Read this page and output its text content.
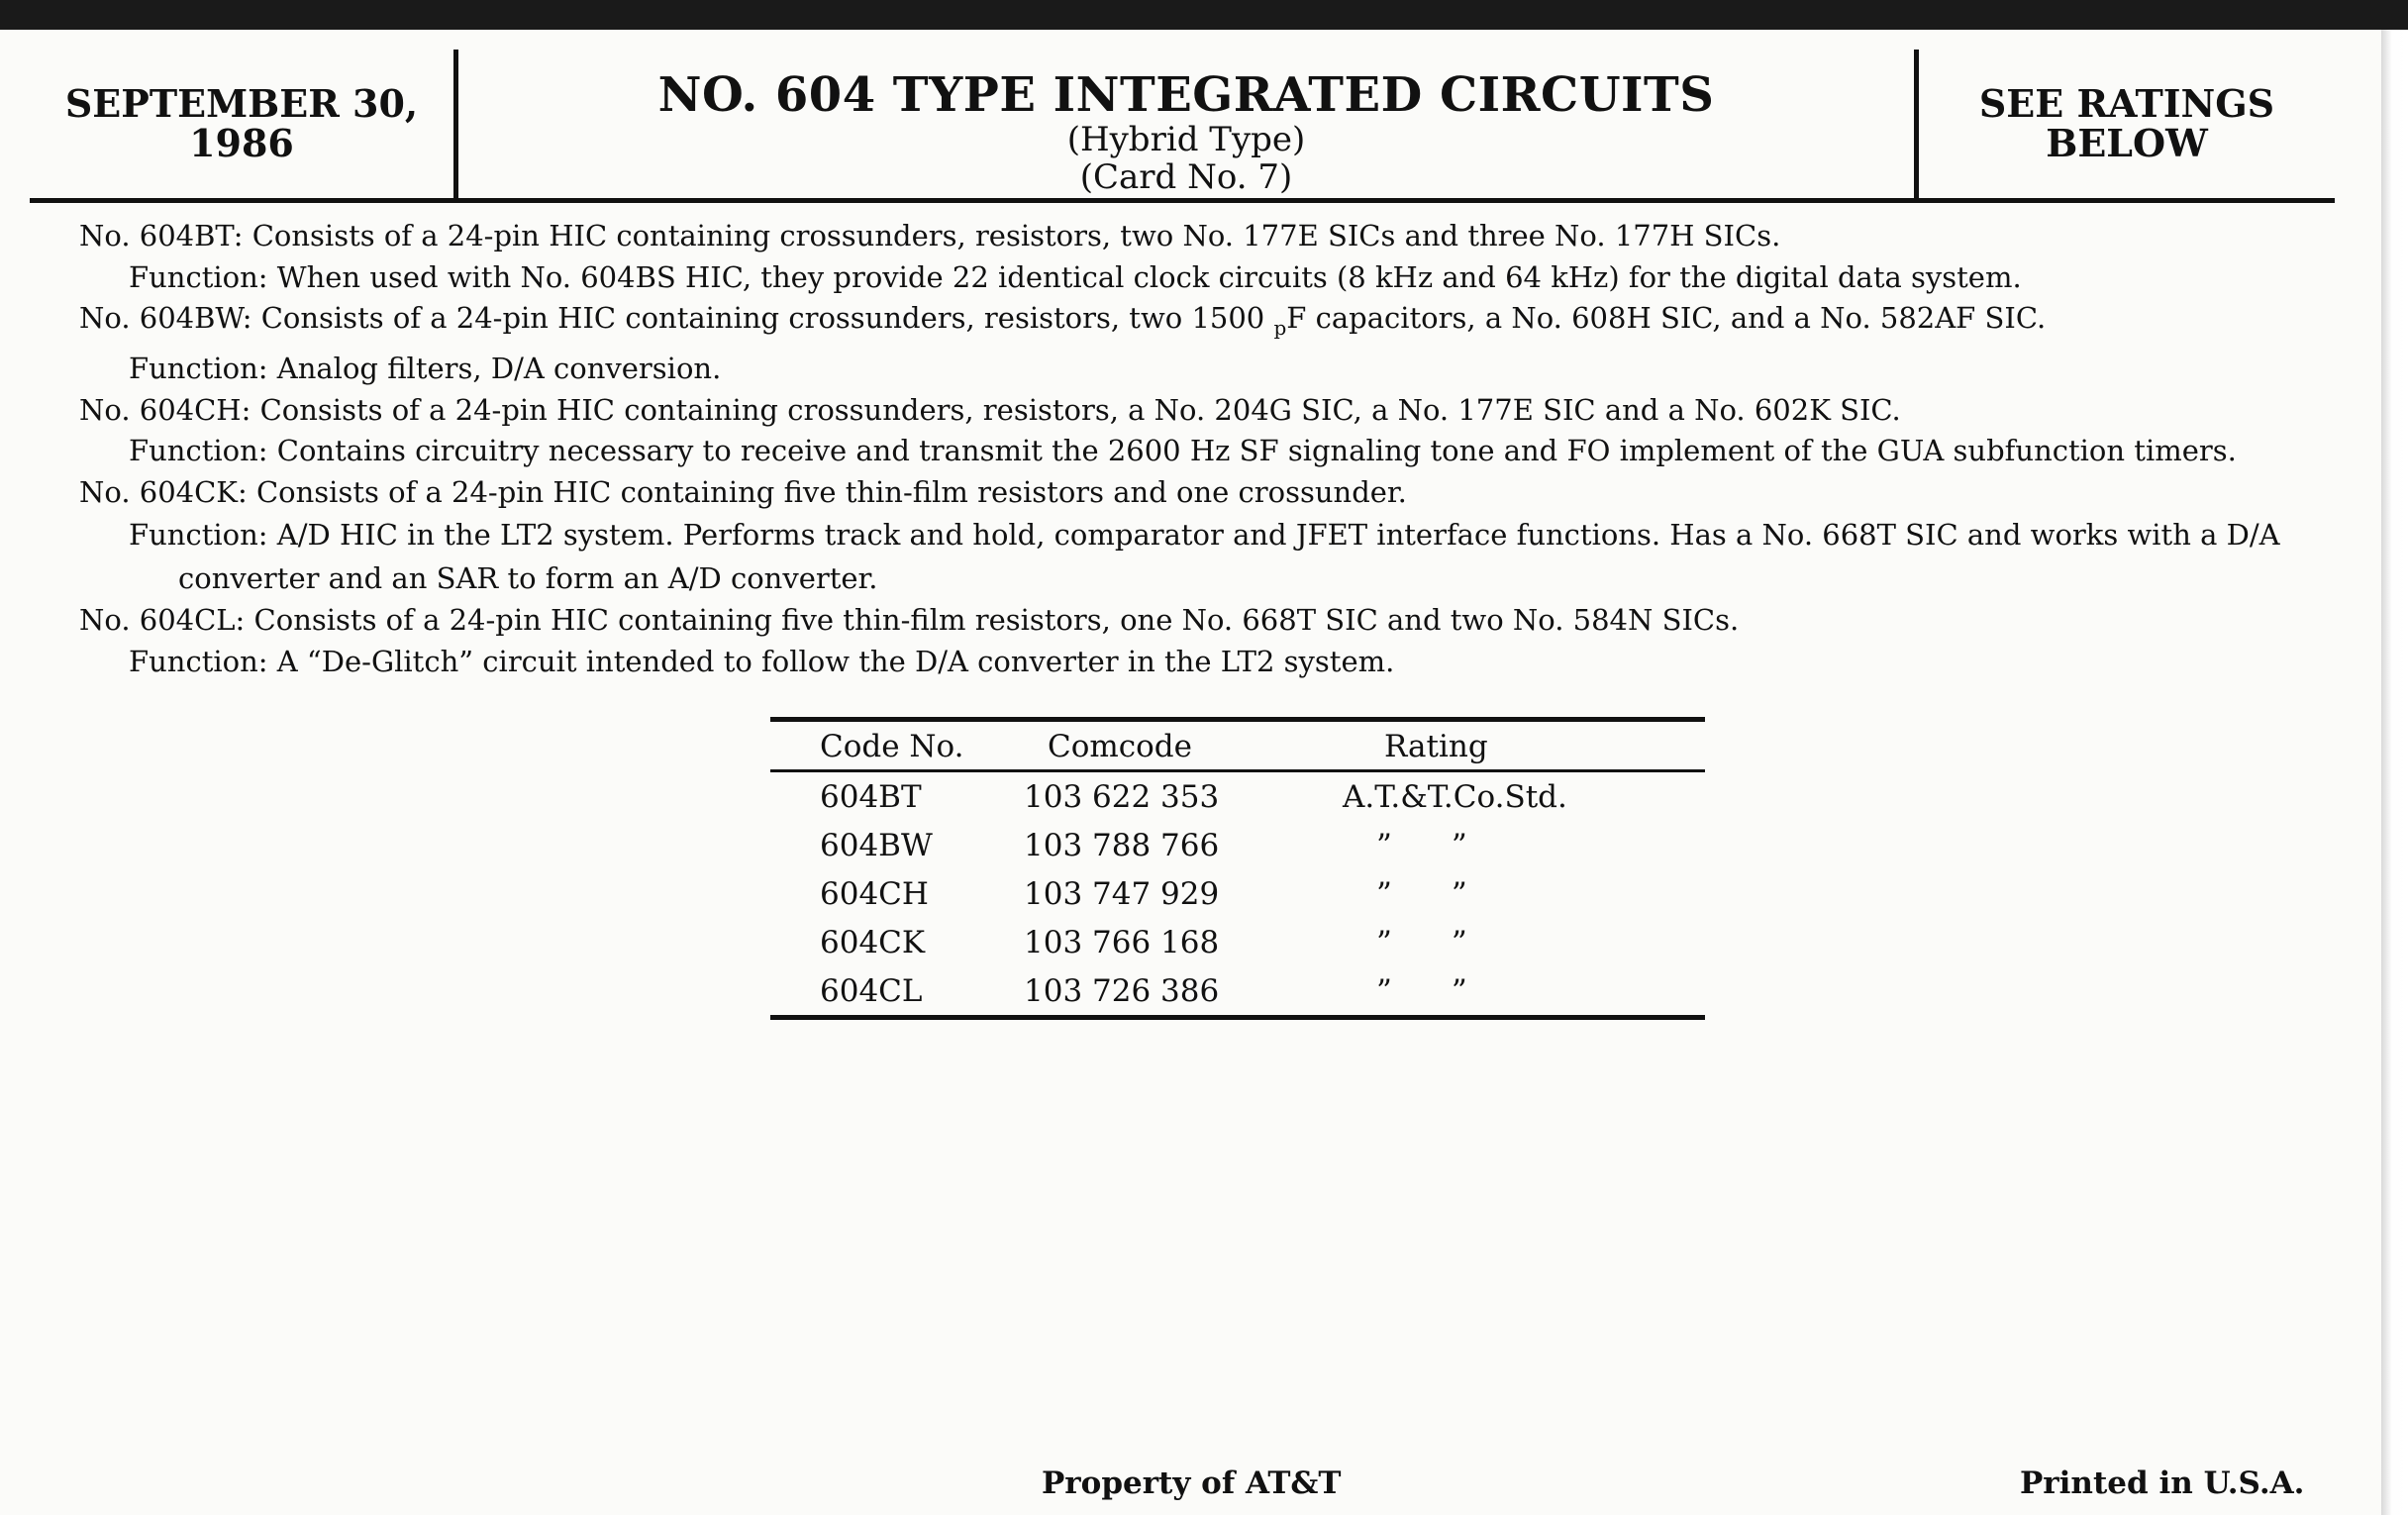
SEPTEMBER 30,
1986
NO. 604 TYPE INTEGRATED CIRCUITS
(Hybrid Type)
(Card No. 7)
SEE RATINGS
BELOW

No. 604BT: Consists of a 24-pin HIC containing crossunders, resistors, two No. 177E SICs and three No. 177H SICs.

Function: When used with No. 604BS HIC, they provide 22 identical clock circuits (8 kHz and 64 kHz) for the digital data system.

No. 604BW: Consists of a 24-pin HIC containing crossunders, resistors, two 1500 $_p$F capacitors, a No. 608H SIC, and a No. 582AF SIC.

Function: Analog filters, D/A conversion.

No. 604CH: Consists of a 24-pin HIC containing crossunders, resistors, a No. 204G SIC, a No. 177E SIC and a No. 602K SIC.

Function: Contains circuitry necessary to receive and transmit the 2600 Hz SF signaling tone and FO implement of the GUA subfunction timers.

No. 604CK: Consists of a 24-pin HIC containing five thin-film resistors and one crossunder.

Function: A/D HIC in the LT2 system. Performs track and hold, comparator and JFET interface functions. Has a No. 668T SIC and works with a D/A converter and an SAR to form an A/D converter.

No. 604CL: Consists of a 24-pin HIC containing five thin-film resistors, one No. 668T SIC and two No. 584N SICs.

Function: A “De-Glitch” circuit intended to follow the D/A converter in the LT2 system.

Code No.	Comcode	Rating
604BT	103 622 353	A.T.&T.Co.Std.
604BW	103 788 766	””
604CH	103 747 929	””
604CK	103 766 168	””
604CL	103 726 386	””
Property of AT&T	Printed in U.S.A.
